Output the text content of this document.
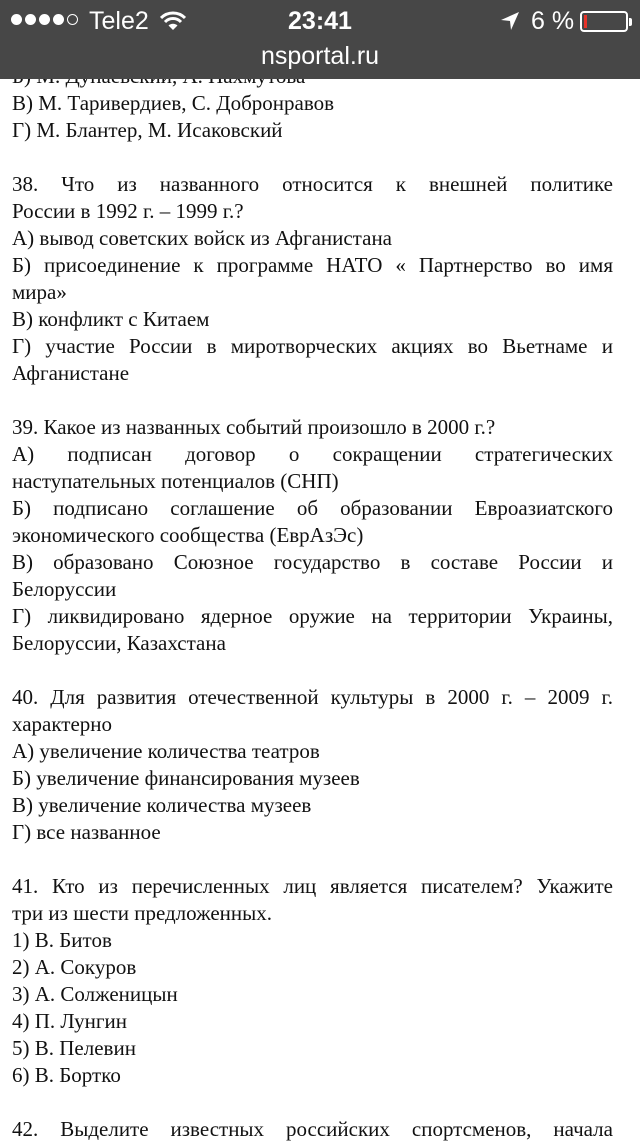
Tele2	23:41	6 %
nsportal.ru
В) М. Таривердиев, С. Добронравов
Г) М. Блантер, М. Исаковский
38. Что из названного относится к внешней политике
России в 1992 г. – 1999 г.?
А) вывод советских войск из Афганистана
Б) присоединение к программе НАТО « Партнерство во имя
мира»
В) конфликт с Китаем
Г) участие России в миротворческих акциях во Вьетнаме и
Афганистане
39. Какое из названных событий произошло в 2000 г.?
А) подписан договор о сокращении стратегических
наступательных потенциалов (СНП)
Б) подписано соглашение об образовании Евроазиатского
экономического сообщества (ЕврАзЭс)
В) образовано Союзное государство в составе России и
Белоруссии
Г) ликвидировано ядерное оружие на территории Украины,
Белоруссии, Казахстана
40. Для развития отечественной культуры в 2000 г. – 2009 г.
характерно
А) увеличение количества театров
Б) увеличение финансирования музеев
В) увеличение количества музеев
Г) все названное
41. Кто из перечисленных лиц является писателем? Укажите
три из шести предложенных.
1) В. Битов
2) А. Сокуров
3) А. Солженицын
4) П. Лунгин
5) В. Пелевин
6) В. Бортко
42. Выделите известных российских спортсменов, начала
